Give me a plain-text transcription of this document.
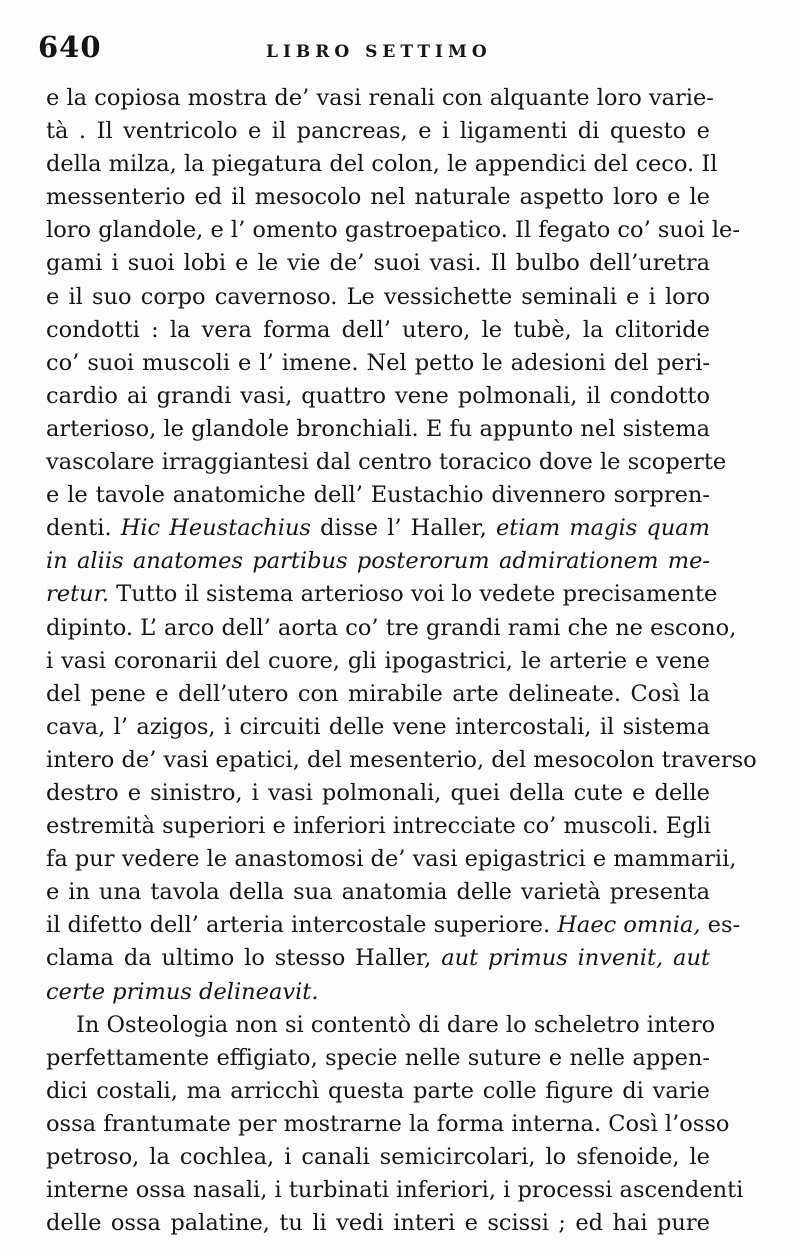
640	LIBRO SETTIMO
e la copiosa mostra de’ vasi renali con alquante loro varie-
tà . Il ventricolo e il pancreas, e i ligamenti di questo e
della milza, la piegatura del colon, le appendici del ceco. Il
messenterio ed il mesocolo nel naturale aspetto loro e le
loro glandole, e l’ omento gastroepatico. Il fegato co’ suoi le-
gami i suoi lobi e le vie de’ suoi vasi. Il bulbo dell’uretra
e il suo corpo cavernoso. Le vessichette seminali e i loro
condotti : la vera forma dell’ utero, le tubè, la clitoride
co’ suoi muscoli e l’ imene. Nel petto le adesioni del peri-
cardio ai grandi vasi, quattro vene polmonali, il condotto
arterioso, le glandole bronchiali. E fu appunto nel sistema
vascolare irraggiantesi dal centro toracico dove le scoperte
e le tavole anatomiche dell’ Eustachio divennero sorpren-
denti. Hic Heustachius disse l’ Haller, etiam magis quam
in aliis anatomes partibus posterorum admirationem me-
retur. Tutto il sistema arterioso voi lo vedete precisamente
dipinto. L’ arco dell’ aorta co’ tre grandi rami che ne escono,
i vasi coronarii del cuore, gli ipogastrici, le arterie e vene
del pene e dell’utero con mirabile arte delineate. Così la
cava, l’ azigos, i circuiti delle vene intercostali, il sistema
intero de’ vasi epatici, del mesenterio, del mesocolon traverso
destro e sinistro, i vasi polmonali, quei della cute e delle
estremità superiori e inferiori intrecciate co’ muscoli. Egli
fa pur vedere le anastomosi de’ vasi epigastrici e mammarii,
e in una tavola della sua anatomia delle varietà presenta
il difetto dell’ arteria intercostale superiore. Haec omnia, es-
clama da ultimo lo stesso Haller, aut primus invenit, aut
certe primus delineavit.
In Osteologia non si contentò di dare lo scheletro intero
perfettamente effigiato, specie nelle suture e nelle appen-
dici costali, ma arricchì questa parte colle figure di varie
ossa frantumate per mostrarne la forma interna. Così l’osso
petroso, la cochlea, i canali semicircolari, lo sfenoide, le
interne ossa nasali, i turbinati inferiori, i processi ascendenti
delle ossa palatine, tu li vedi interi e scissi ; ed hai pure
